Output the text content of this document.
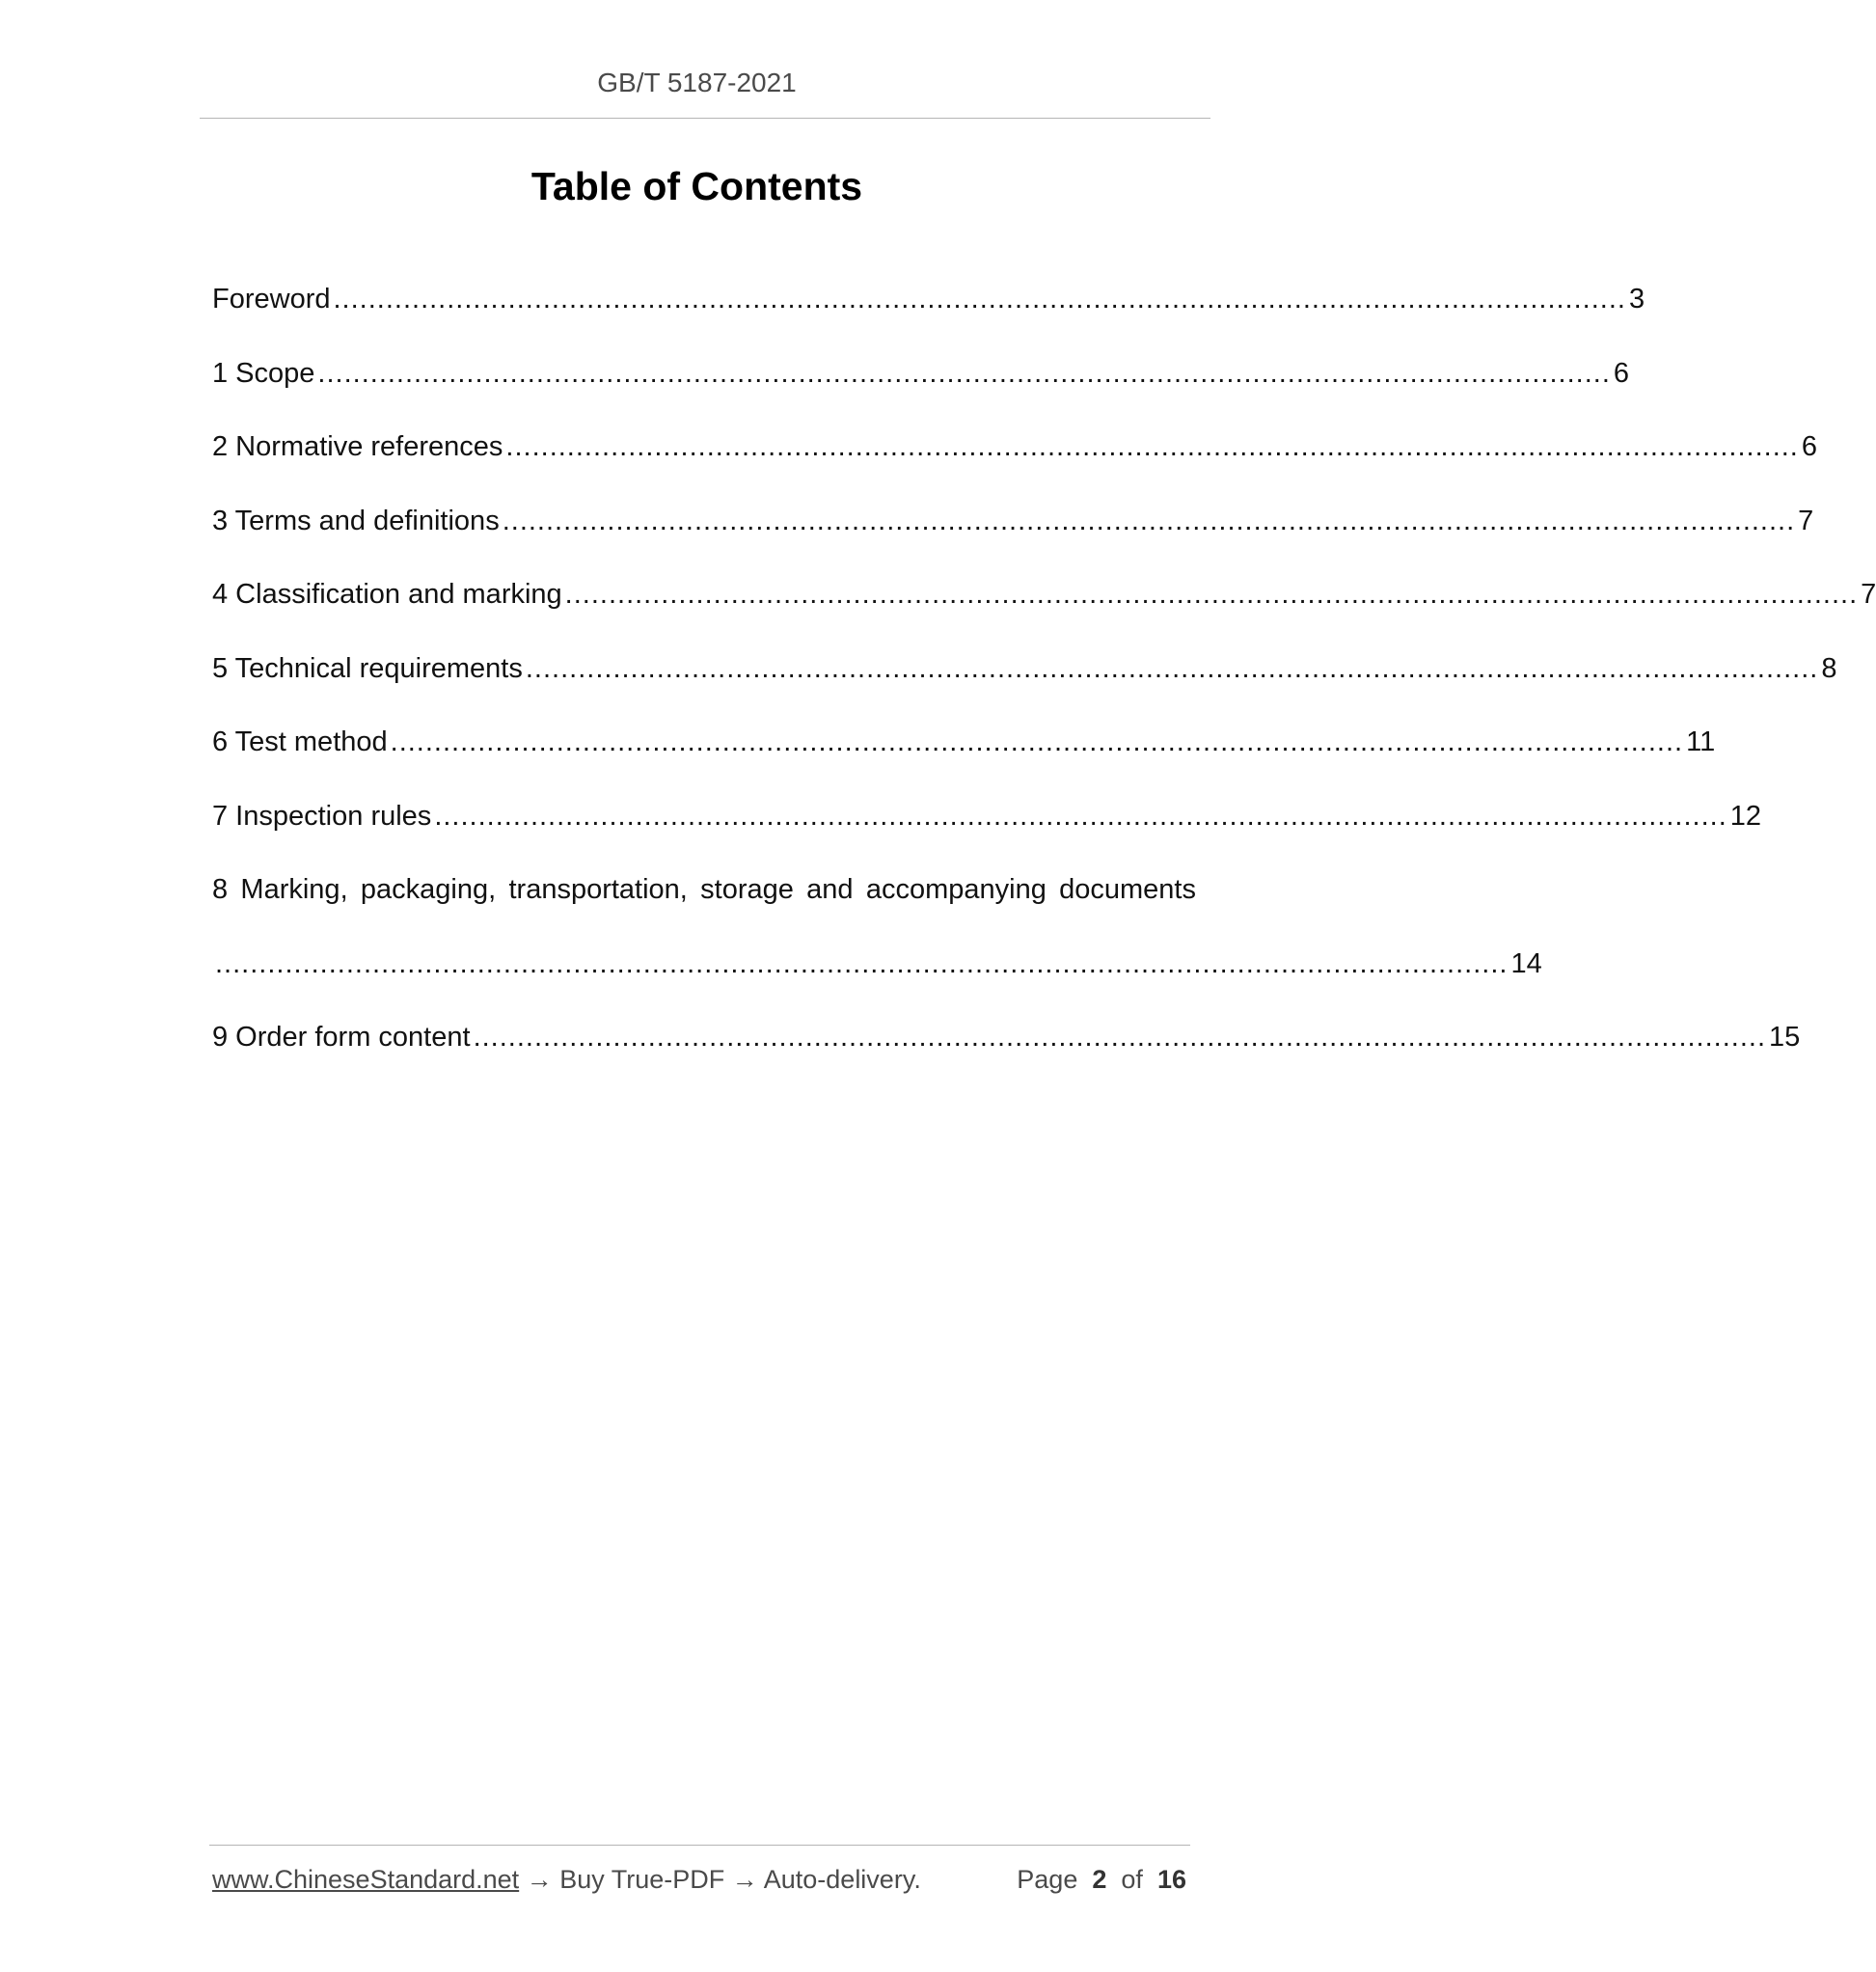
GB/T 5187-2021
Table of Contents
Foreword .................................................................................................................................................... 3
1 Scope .................................................................................................................................................... 6
2 Normative references .................................................................................................................................................... 6
3 Terms and definitions .................................................................................................................................................... 7
4 Classification and marking .................................................................................................................................................... 7
5 Technical requirements .................................................................................................................................................... 8
6 Test method .................................................................................................................................................... 11
7 Inspection rules .................................................................................................................................................... 12
8 Marking, packaging, transportation, storage and accompanying documents
.................................................................................................................................................... 14
9 Order form content .................................................................................................................................................... 15
www.ChineseStandard.net → Buy True-PDF → Auto-delivery.	Page 2 of 16
